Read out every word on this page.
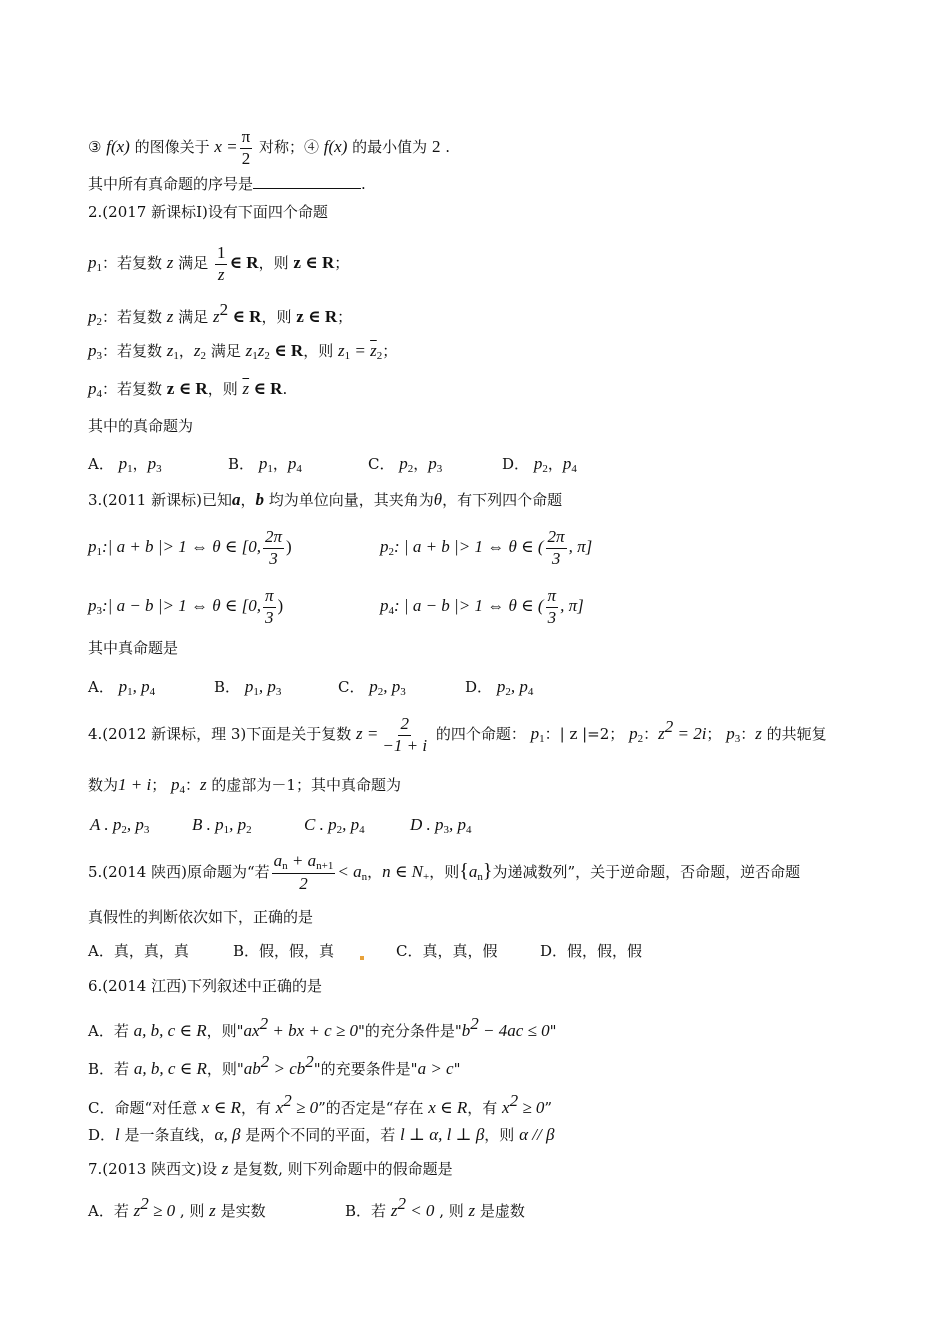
③ f(x) 的图像关于 $x = \frac{\pi}{2}$ 对称；④ f(x) 的最小值为 2 .
其中所有真命题的序号是	.
2.(2017 新课标I)设有下面四个命题
$p_1$：若复数 z 满足 $\frac{1}{z}$ ∈ R，则 z ∈ R；
$p_2$：若复数 z 满足 $z^2$ ∈ R，则 z ∈ R；
$p_3$：若复数 $z_1$，$z_2$ 满足 $z_1z_2$ ∈ R，则 $z_1 = \overline{z}_2$；
$p_4$：若复数 z ∈ R，则 $\overline{z}$ ∈ R.
其中的真命题为
A． $p_1$，$p_3$	B． $p_1$，$p_4$	C． $p_2$，$p_3$	D． $p_2$，$p_4$
3.(2011 新课标)已知a，b 均为单位向量，其夹角为θ，有下列四个命题
$p_1:|$ a + b |> 1 ⇔ θ ∈ [0, $\frac{2\pi}{3}$ )	$p_2$: | a + b |> 1 ⇔ θ ∈ ( $\frac{2\pi}{3}$ , π]
$p_3:|$ a − b |> 1 ⇔ θ ∈ [0, $\frac{\pi}{3}$ )	$p_4$: | a − b |> 1 ⇔ θ ∈ ( $\frac{\pi}{3}$ , π]
其中真命题是
A． $p_1$, $p_4$	B． $p_1$, $p_3$	C． $p_2$, $p_3$	D． $p_2$, $p_4$
4.(2012 新课标，理 3)下面是关于复数 $z = \frac{2}{-1 + i}$ 的四个命题： $p_1$：| z |=2； $p_2$：$z^2 = 2i$； $p_3$：z 的共轭复
数为1 + i； $p_4$：z 的虚部为－1；其中真命题为
A . $p_2$, $p_3$	B . $p_1$, $p_2$	C . $p_2$, $p_4$	D . $p_3$, $p_4$
5.(2014 陕西)原命题为“若 $\frac{a_n + a_{n+1}}{2} < a_n$，n ∈ $N_+$，则$\{a_n\}$为递减数列”，关于逆命题，否命题，逆否命题
真假性的判断依次如下，正确的是
A．真，真，真	B．假，假，真	C．真，真，假	D．假，假，假
6.(2014 江西)下列叙述中正确的是
A．若 a, b, c ∈ R，则"$ax^2$ + bx + c ≥ 0"的充分条件是"$b^2 - 4ac \le 0$"
B．若 a, b, c ∈ R，则"$ab^2 > cb^2$"的充要条件是"a > c"
C．命题“对任意 x ∈ R，有 $x^2 \ge 0$”的否定是“存在 x ∈ R，有 $x^2 \ge 0$”
D．l 是一条直线，α, β 是两个不同的平面，若 l ⊥ α, l ⊥ β，则 α // β
7.(2013 陕西文)设 z 是复数, 则下列命题中的假命题是
A．若 $z^2 \ge 0$ , 则 z 是实数	B．若 $z^2 < 0$ , 则 z 是虚数
